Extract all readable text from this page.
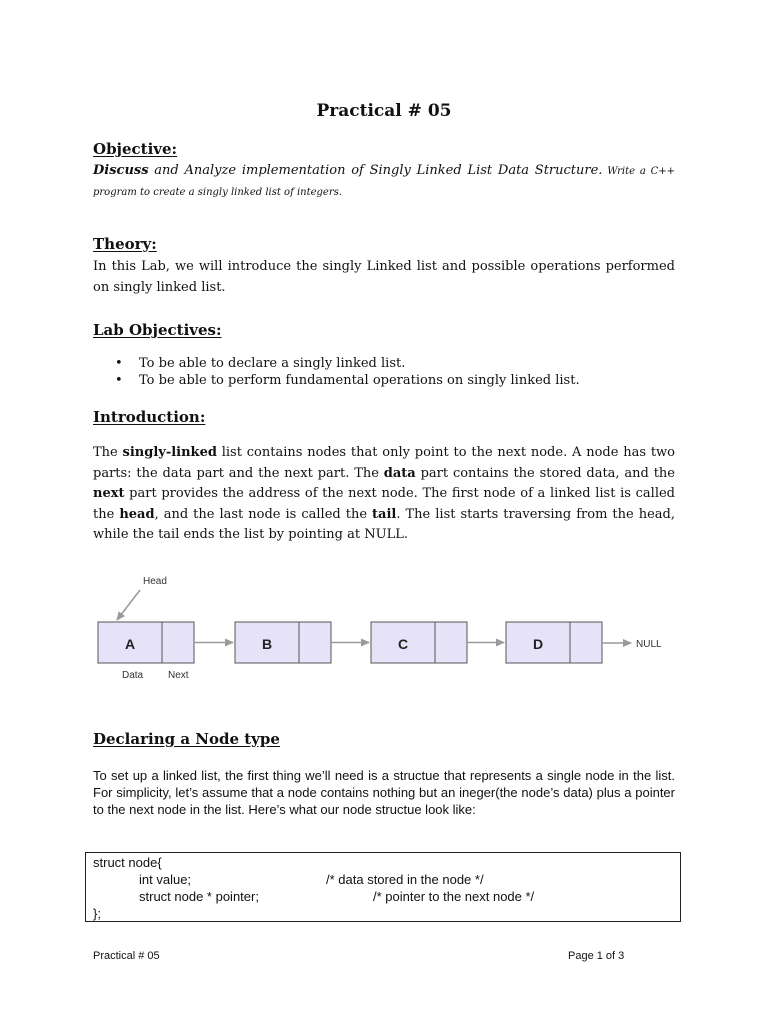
Practical # 05
Objective:
Discuss and Analyze implementation of Singly Linked List Data Structure. Write a C++ program to create a singly linked list of integers.
Theory:
In this Lab, we will introduce the singly Linked list and possible operations performed on singly linked list.
Lab Objectives:
• To be able to declare a singly linked list.
• To be able to perform fundamental operations on singly linked list.
Introduction:
The singly-linked list contains nodes that only point to the next node. A node has two parts: the data part and the next part. The data part contains the stored data, and the next part provides the address of the next node. The first node of a linked list is called the head, and the last node is called the tail. The list starts traversing from the head, while the tail ends the list by pointing at NULL.
Declaring a Node type
To set up a linked list, the first thing we’ll need is a structue that represents a single node in the list. For simplicity, let’s assume that a node contains nothing but an ineger(the node’s data) plus a pointer to the next node in the list. Here’s what our node structue look like:
Head
A	B	C	D	NULL
Data Next
struct node{
int value;	/* data stored in the node */
struct node * pointer;	/* pointer to the next node */
};
Practical # 05	Page 1 of 3
